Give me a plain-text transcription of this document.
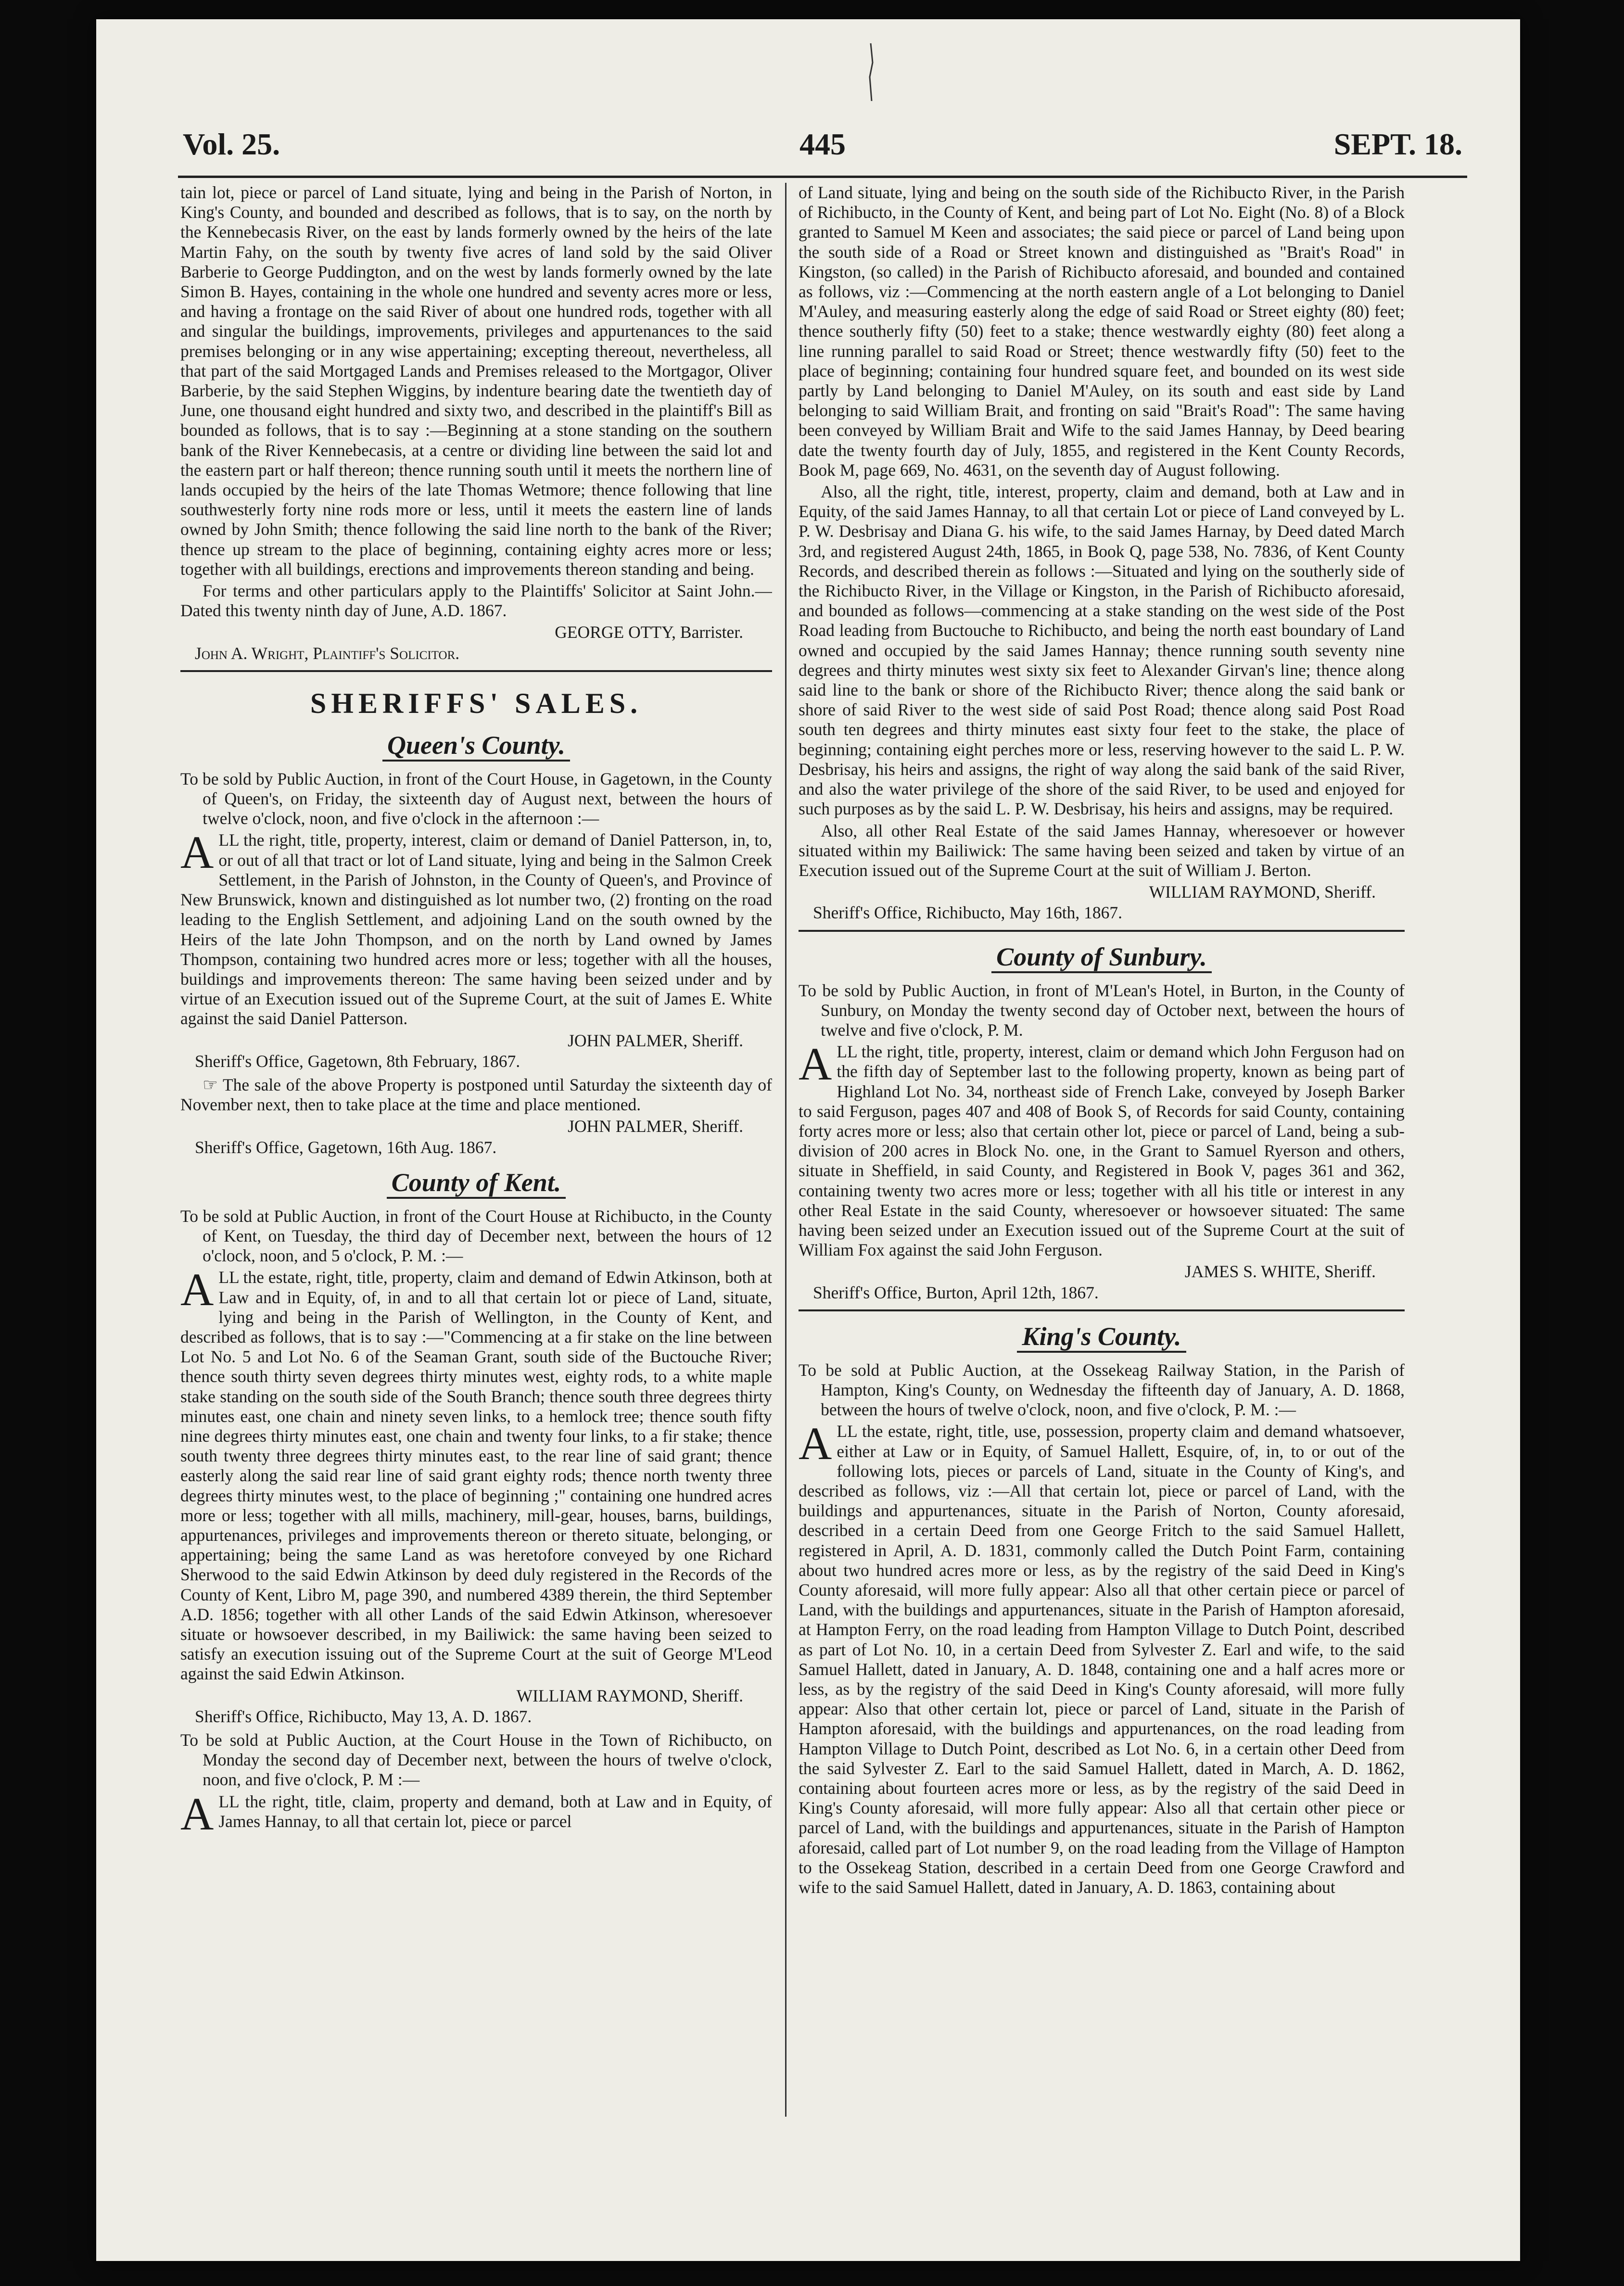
Vol. 25.	445	SEPT. 18.

tain lot, piece or parcel of Land situate, lying and being in the Parish of Norton, in King's County, and bounded and described as follows, that is to say, on the north by the Kennebecasis River, on the east by lands formerly owned by the heirs of the late Martin Fahy, on the south by twenty five acres of land sold by the said Oliver Barberie to George Puddington, and on the west by lands formerly owned by the late Simon B. Hayes, containing in the whole one hundred and seventy acres more or less, and having a frontage on the said River of about one hundred rods, together with all and singular the buildings, improvements, privileges and appurtenances to the said premises belonging or in any wise appertaining; excepting thereout, nevertheless, all that part of the said Mortgaged Lands and Premises released to the Mortgagor, Oliver Barberie, by the said Stephen Wiggins, by indenture bearing date the twentieth day of June, one thousand eight hundred and sixty two, and described in the plaintiff's Bill as bounded as follows, that is to say :—Beginning at a stone standing on the southern bank of the River Kennebecasis, at a centre or dividing line between the said lot and the eastern part or half thereon; thence running south until it meets the northern line of lands occupied by the heirs of the late Thomas Wetmore; thence following that line southwesterly forty nine rods more or less, until it meets the eastern line of lands owned by John Smith; thence following the said line north to the bank of the River; thence up stream to the place of beginning, containing eighty acres more or less; together with all buildings, erections and improvements thereon standing and being.

For terms and other particulars apply to the Plaintiffs' Solicitor at Saint John.—Dated this twenty ninth day of June, A.D. 1867.

GEORGE OTTY, Barrister.

John A. Wright, Plaintiff's Solicitor.

SHERIFFS' SALES.
Queen's County.

To be sold by Public Auction, in front of the Court House, in Gagetown, in the County of Queen's, on Friday, the sixteenth day of August next, between the hours of twelve o'clock, noon, and five o'clock in the afternoon :—

ALL the right, title, property, interest, claim or demand of Daniel Patterson, in, to, or out of all that tract or lot of Land situate, lying and being in the Salmon Creek Settlement, in the Parish of Johnston, in the County of Queen's, and Province of New Brunswick, known and distinguished as lot number two, (2) fronting on the road leading to the English Settlement, and adjoining Land on the south owned by the Heirs of the late John Thompson, and on the north by Land owned by James Thompson, containing two hundred acres more or less; together with all the houses, buildings and improvements thereon: The same having been seized under and by virtue of an Execution issued out of the Supreme Court, at the suit of James E. White against the said Daniel Patterson.

JOHN PALMER, Sheriff.

Sheriff's Office, Gagetown, 8th February, 1867.

☞ The sale of the above Property is postponed until Saturday the sixteenth day of November next, then to take place at the time and place mentioned.

JOHN PALMER, Sheriff.

Sheriff's Office, Gagetown, 16th Aug. 1867.

County of Kent.

To be sold at Public Auction, in front of the Court House at Richibucto, in the County of Kent, on Tuesday, the third day of December next, between the hours of 12 o'clock, noon, and 5 o'clock, P. M. :—

ALL the estate, right, title, property, claim and demand of Edwin Atkinson, both at Law and in Equity, of, in and to all that certain lot or piece of Land, situate, lying and being in the Parish of Wellington, in the County of Kent, and described as follows, that is to say :—"Commencing at a fir stake on the line between Lot No. 5 and Lot No. 6 of the Seaman Grant, south side of the Buctouche River; thence south thirty seven degrees thirty minutes west, eighty rods, to a white maple stake standing on the south side of the South Branch; thence south three degrees thirty minutes east, one chain and ninety seven links, to a hemlock tree; thence south fifty nine degrees thirty minutes east, one chain and twenty four links, to a fir stake; thence south twenty three degrees thirty minutes east, to the rear line of said grant; thence easterly along the said rear line of said grant eighty rods; thence north twenty three degrees thirty minutes west, to the place of beginning ;" containing one hundred acres more or less; together with all mills, machinery, mill-gear, houses, barns, buildings, appurtenances, privileges and improvements thereon or thereto situate, belonging, or appertaining; being the same Land as was heretofore conveyed by one Richard Sherwood to the said Edwin Atkinson by deed duly registered in the Records of the County of Kent, Libro M, page 390, and numbered 4389 therein, the third September A.D. 1856; together with all other Lands of the said Edwin Atkinson, wheresoever situate or howsoever described, in my Bailiwick: the same having been seized to satisfy an execution issuing out of the Supreme Court at the suit of George M'Leod against the said Edwin Atkinson.

WILLIAM RAYMOND, Sheriff.

Sheriff's Office, Richibucto, May 13, A. D. 1867.

To be sold at Public Auction, at the Court House in the Town of Richibucto, on Monday the second day of December next, between the hours of twelve o'clock, noon, and five o'clock, P. M :—

ALL the right, title, claim, property and demand, both at Law and in Equity, of James Hannay, to all that certain lot, piece or parcel

of Land situate, lying and being on the south side of the Richibucto River, in the Parish of Richibucto, in the County of Kent, and being part of Lot No. Eight (No. 8) of a Block granted to Samuel M Keen and associates; the said piece or parcel of Land being upon the south side of a Road or Street known and distinguished as "Brait's Road" in Kingston, (so called) in the Parish of Richibucto aforesaid, and bounded and contained as follows, viz :—Commencing at the north eastern angle of a Lot belonging to Daniel M'Auley, and measuring easterly along the edge of said Road or Street eighty (80) feet; thence southerly fifty (50) feet to a stake; thence westwardly eighty (80) feet along a line running parallel to said Road or Street; thence westwardly fifty (50) feet to the place of beginning; containing four hundred square feet, and bounded on its west side partly by Land belonging to Daniel M'Auley, on its south and east side by Land belonging to said William Brait, and fronting on said "Brait's Road": The same having been conveyed by William Brait and Wife to the said James Hannay, by Deed bearing date the twenty fourth day of July, 1855, and registered in the Kent County Records, Book M, page 669, No. 4631, on the seventh day of August following.

Also, all the right, title, interest, property, claim and demand, both at Law and in Equity, of the said James Hannay, to all that certain Lot or piece of Land conveyed by L. P. W. Desbrisay and Diana G. his wife, to the said James Harnay, by Deed dated March 3rd, and registered August 24th, 1865, in Book Q, page 538, No. 7836, of Kent County Records, and described therein as follows :—Situated and lying on the southerly side of the Richibucto River, in the Village or Kingston, in the Parish of Richibucto aforesaid, and bounded as follows—commencing at a stake standing on the west side of the Post Road leading from Buctouche to Richibucto, and being the north east boundary of Land owned and occupied by the said James Hannay; thence running south seventy nine degrees and thirty minutes west sixty six feet to Alexander Girvan's line; thence along said line to the bank or shore of the Richibucto River; thence along the said bank or shore of said River to the west side of said Post Road; thence along said Post Road south ten degrees and thirty minutes east sixty four feet to the stake, the place of beginning; containing eight perches more or less, reserving however to the said L. P. W. Desbrisay, his heirs and assigns, the right of way along the said bank of the said River, and also the water privilege of the shore of the said River, to be used and enjoyed for such purposes as by the said L. P. W. Desbrisay, his heirs and assigns, may be required.

Also, all other Real Estate of the said James Hannay, wheresoever or however situated within my Bailiwick: The same having been seized and taken by virtue of an Execution issued out of the Supreme Court at the suit of William J. Berton.

WILLIAM RAYMOND, Sheriff.

Sheriff's Office, Richibucto, May 16th, 1867.

County of Sunbury.

To be sold by Public Auction, in front of M'Lean's Hotel, in Burton, in the County of Sunbury, on Monday the twenty second day of October next, between the hours of twelve and five o'clock, P. M.

ALL the right, title, property, interest, claim or demand which John Ferguson had on the fifth day of September last to the following property, known as being part of Highland Lot No. 34, northeast side of French Lake, conveyed by Joseph Barker to said Ferguson, pages 407 and 408 of Book S, of Records for said County, containing forty acres more or less; also that certain other lot, piece or parcel of Land, being a sub-division of 200 acres in Block No. one, in the Grant to Samuel Ryerson and others, situate in Sheffield, in said County, and Registered in Book V, pages 361 and 362, containing twenty two acres more or less; together with all his title or interest in any other Real Estate in the said County, wheresoever or howsoever situated: The same having been seized under an Execution issued out of the Supreme Court at the suit of William Fox against the said John Ferguson.

JAMES S. WHITE, Sheriff.

Sheriff's Office, Burton, April 12th, 1867.

King's County.

To be sold at Public Auction, at the Ossekeag Railway Station, in the Parish of Hampton, King's County, on Wednesday the fifteenth day of January, A. D. 1868, between the hours of twelve o'clock, noon, and five o'clock, P. M. :—

ALL the estate, right, title, use, possession, property claim and demand whatsoever, either at Law or in Equity, of Samuel Hallett, Esquire, of, in, to or out of the following lots, pieces or parcels of Land, situate in the County of King's, and described as follows, viz :—All that certain lot, piece or parcel of Land, with the buildings and appurtenances, situate in the Parish of Norton, County aforesaid, described in a certain Deed from one George Fritch to the said Samuel Hallett, registered in April, A. D. 1831, commonly called the Dutch Point Farm, containing about two hundred acres more or less, as by the registry of the said Deed in King's County aforesaid, will more fully appear: Also all that other certain piece or parcel of Land, with the buildings and appurtenances, situate in the Parish of Hampton aforesaid, at Hampton Ferry, on the road leading from Hampton Village to Dutch Point, described as part of Lot No. 10, in a certain Deed from Sylvester Z. Earl and wife, to the said Samuel Hallett, dated in January, A. D. 1848, containing one and a half acres more or less, as by the registry of the said Deed in King's County aforesaid, will more fully appear: Also that other certain lot, piece or parcel of Land, situate in the Parish of Hampton aforesaid, with the buildings and appurtenances, on the road leading from Hampton Village to Dutch Point, described as Lot No. 6, in a certain other Deed from the said Sylvester Z. Earl to the said Samuel Hallett, dated in March, A. D. 1862, containing about fourteen acres more or less, as by the registry of the said Deed in King's County aforesaid, will more fully appear: Also all that certain other piece or parcel of Land, with the buildings and appurtenances, situate in the Parish of Hampton aforesaid, called part of Lot number 9, on the road leading from the Village of Hampton to the Ossekeag Station, described in a certain Deed from one George Crawford and wife to the said Samuel Hallett, dated in January, A. D. 1863, containing about
